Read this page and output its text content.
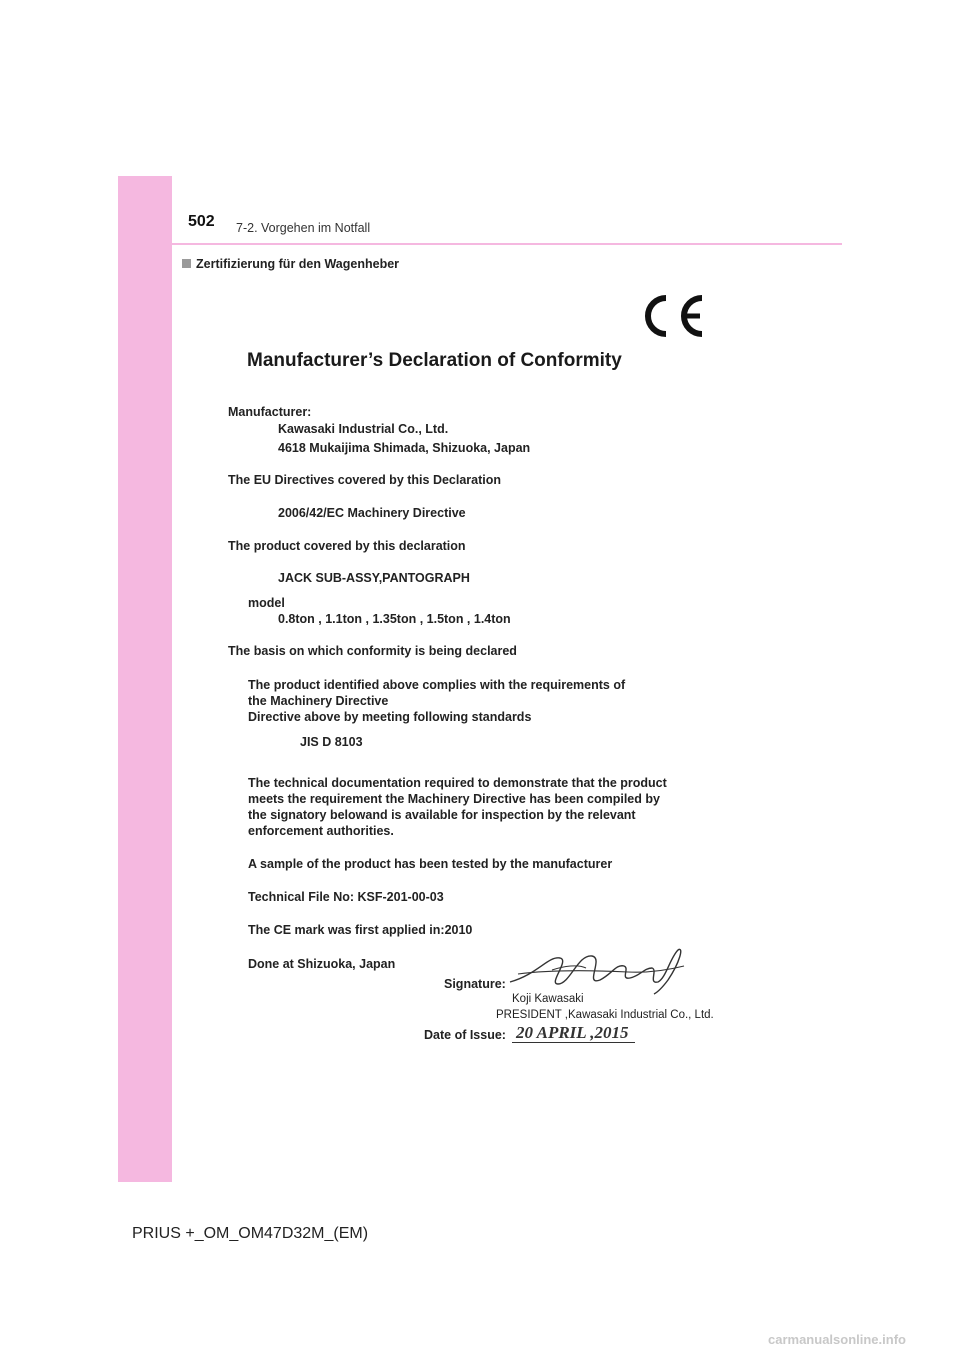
502 7-2. Vorgehen im Notfall
Zertifizierung für den Wagenheber
Manufacturer’s Declaration of Conformity
Manufacturer:
Kawasaki Industrial Co., Ltd.
4618 Mukaijima Shimada, Shizuoka, Japan
The EU Directives covered by this Declaration
2006/42/EC Machinery Directive
The product covered by this declaration
JACK SUB-ASSY,PANTOGRAPH
model
0.8ton , 1.1ton , 1.35ton , 1.5ton , 1.4ton
The basis on which conformity is being declared
The product identified above complies with the requirements of
the Machinery Directive
Directive above by meeting following standards
JIS D 8103
The technical documentation required to demonstrate that the product
meets the requirement the Machinery Directive has been compiled by
the signatory belowand is available for inspection by the relevant
enforcement authorities.
A sample of the product has been tested by the manufacturer
Technical File No: KSF-201-00-03
The CE mark was first applied in:2010
Done at Shizuoka, Japan
Signature:
Koji Kawasaki
PRESIDENT ,Kawasaki Industrial Co., Ltd.
Date of Issue: 20 APRIL ,2015
PRIUS +_OM_OM47D32M_(EM)
carmanualsonline.info
